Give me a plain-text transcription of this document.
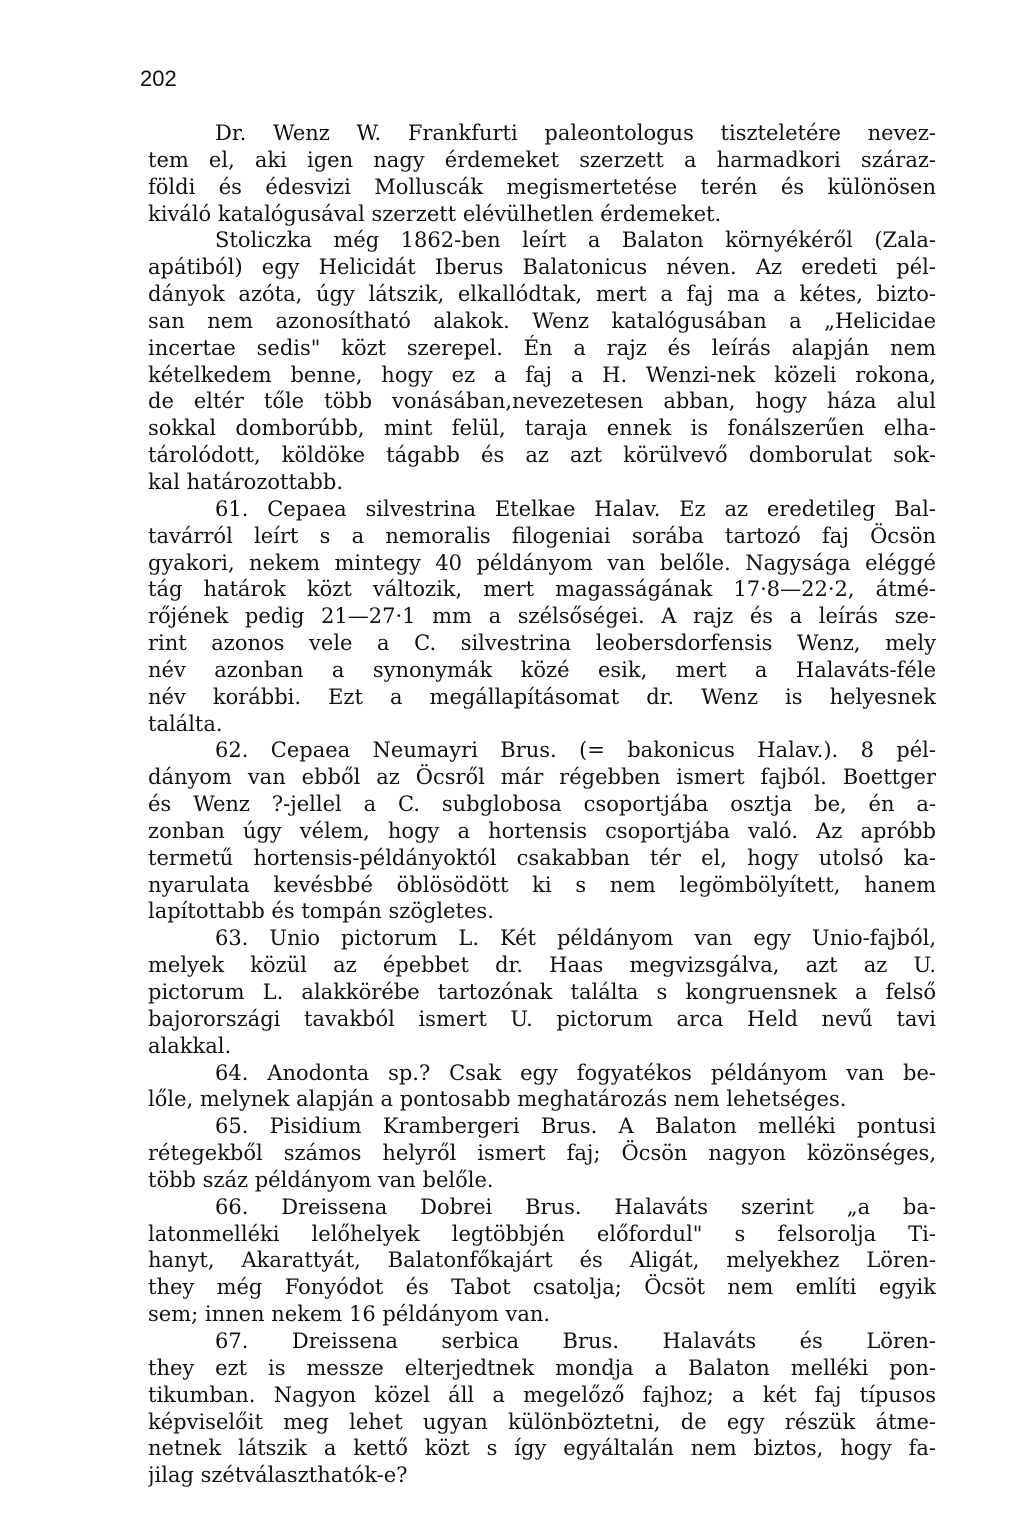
202
Dr. Wenz W. Frankfurti paleontologus tiszteletére nevez-
tem el, aki igen nagy érdemeket szerzett a harmadkori száraz-
földi és édesvizi Molluscák megismertetése terén és különösen
kiváló katalógusával szerzett elévülhetlen érdemeket.
Stoliczka még 1862-ben leírt a Balaton környékéről (Zala-
apátiból) egy Helicidát Iberus Balatonicus néven. Az eredeti pél-
dányok azóta, úgy látszik, elkallódtak, mert a faj ma a kétes, bizto-
san nem azonosítható alakok. Wenz katalógusában a „Helicidae
incertae sedis" közt szerepel. Én a rajz és leírás alapján nem
kételkedem benne, hogy ez a faj a H. Wenzi-nek közeli rokona,
de eltér tőle több vonásában,nevezetesen abban, hogy háza alul
sokkal domborúbb, mint felül, taraja ennek is fonálszerűen elha-
tárolódott, köldöke tágabb és az azt körülvevő domborulat sok-
kal határozottabb.
61. Cepaea silvestrina Etelkae Halav. Ez az eredetileg Bal-
tavárról leírt s a nemoralis filogeniai sorába tartozó faj Öcsön
gyakori, nekem mintegy 40 példányom van belőle. Nagysága eléggé
tág határok közt változik, mert magasságának 17·8—22·2, átmé-
rőjének pedig 21—27·1 mm a szélsőségei. A rajz és a leírás sze-
rint azonos vele a C. silvestrina leobersdorfensis Wenz, mely
név azonban a synonymák közé esik, mert a Halaváts-féle
név korábbi. Ezt a megállapításomat dr. Wenz is helyesnek
találta.
62. Cepaea Neumayri Brus. (= bakonicus Halav.). 8 pél-
dányom van ebből az Öcsről már régebben ismert fajból. Boettger
és Wenz ?-jellel a C. subglobosa csoportjába osztja be, én a-
zonban úgy vélem, hogy a hortensis csoportjába való. Az apróbb
termetű hortensis-példányoktól csakabban tér el, hogy utolsó ka-
nyarulata kevésbbé öblösödött ki s nem legömbölyített, hanem
lapítottabb és tompán szögletes.
63. Unio pictorum L. Két példányom van egy Unio-fajból,
melyek közül az épebbet dr. Haas megvizsgálva, azt az U.
pictorum L. alakkörébe tartozónak találta s kongruensnek a felső
bajorországi tavakból ismert U. pictorum arca Held nevű tavi
alakkal.
64. Anodonta sp.? Csak egy fogyatékos példányom van be-
lőle, melynek alapján a pontosabb meghatározás nem lehetséges.
65. Pisidium Krambergeri Brus. A Balaton melléki pontusi
rétegekből számos helyről ismert faj; Öcsön nagyon közönséges,
több száz példányom van belőle.
66. Dreissena Dobrei Brus. Halaváts szerint „a ba-
latonmelléki lelőhelyek legtöbbjén előfordul" s felsorolja Ti-
hanyt, Akarattyát, Balatonfőkajárt és Aligát, melyekhez Lören-
they még Fonyódot és Tabot csatolja; Öcsöt nem említi egyik
sem; innen nekem 16 példányom van.
67. Dreissena serbica Brus. Halaváts és Lören-
they ezt is messze elterjedtnek mondja a Balaton melléki pon-
tikumban. Nagyon közel áll a megelőző fajhoz; a két faj típusos
képviselőit meg lehet ugyan különböztetni, de egy részük átme-
netnek látszik a kettő közt s így egyáltalán nem biztos, hogy fa-
jilag szétválaszthatók-e?
